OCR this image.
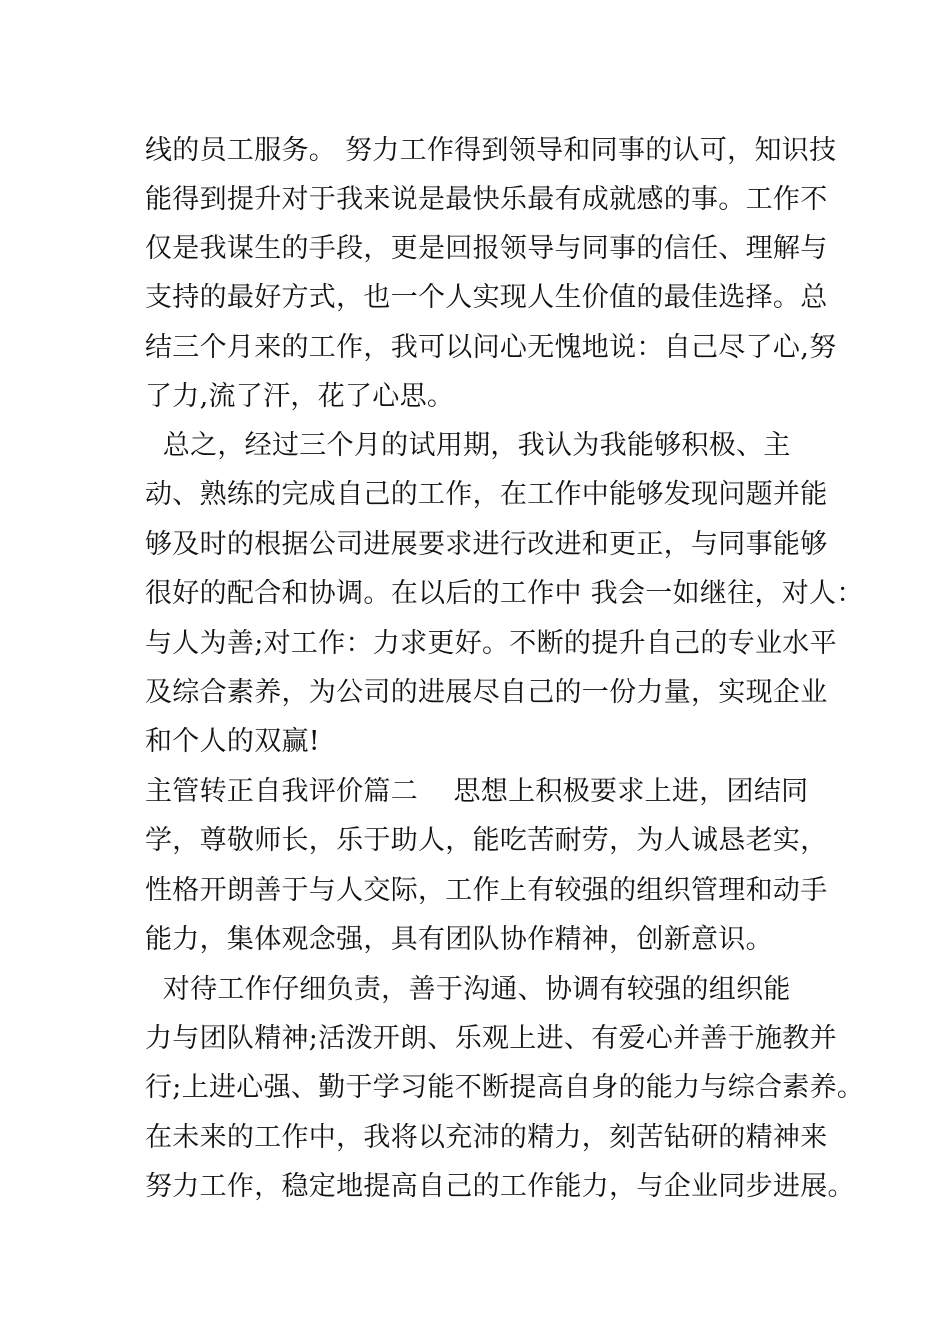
线的员工服务。 努力工作得到领导和同事的认可，知识技
能得到提升对于我来说是最快乐最有成就感的事。工作不
仅是我谋生的手段，更是回报领导与同事的信任、理解与
支持的最好方式，也一个人实现人生价值的最佳选择。总
结三个月来的工作，我可以问心无愧地说：自己尽了心,努
了力,流了汗，花了心思。
总之，经过三个月的试用期，我认为我能够积极、主
动、熟练的完成自己的工作，在工作中能够发现问题并能
够及时的根据公司进展要求进行改进和更正，与同事能够
很好的配合和协调。在以后的工作中 我会一如继往，对人：
与人为善;对工作：力求更好。不断的提升自己的专业水平
及综合素养，为公司的进展尽自己的一份力量，实现企业
和个人的双赢!
主管转正自我评价篇二    思想上积极要求上进，团结同
学，尊敬师长，乐于助人，能吃苦耐劳，为人诚恳老实，
性格开朗善于与人交际，工作上有较强的组织管理和动手
能力，集体观念强，具有团队协作精神，创新意识。
对待工作仔细负责，善于沟通、协调有较强的组织能
力与团队精神;活泼开朗、乐观上进、有爱心并善于施教并
行;上进心强、勤于学习能不断提高自身的能力与综合素养。
在未来的工作中，我将以充沛的精力，刻苦钻研的精神来
努力工作，稳定地提高自己的工作能力，与企业同步进展。
